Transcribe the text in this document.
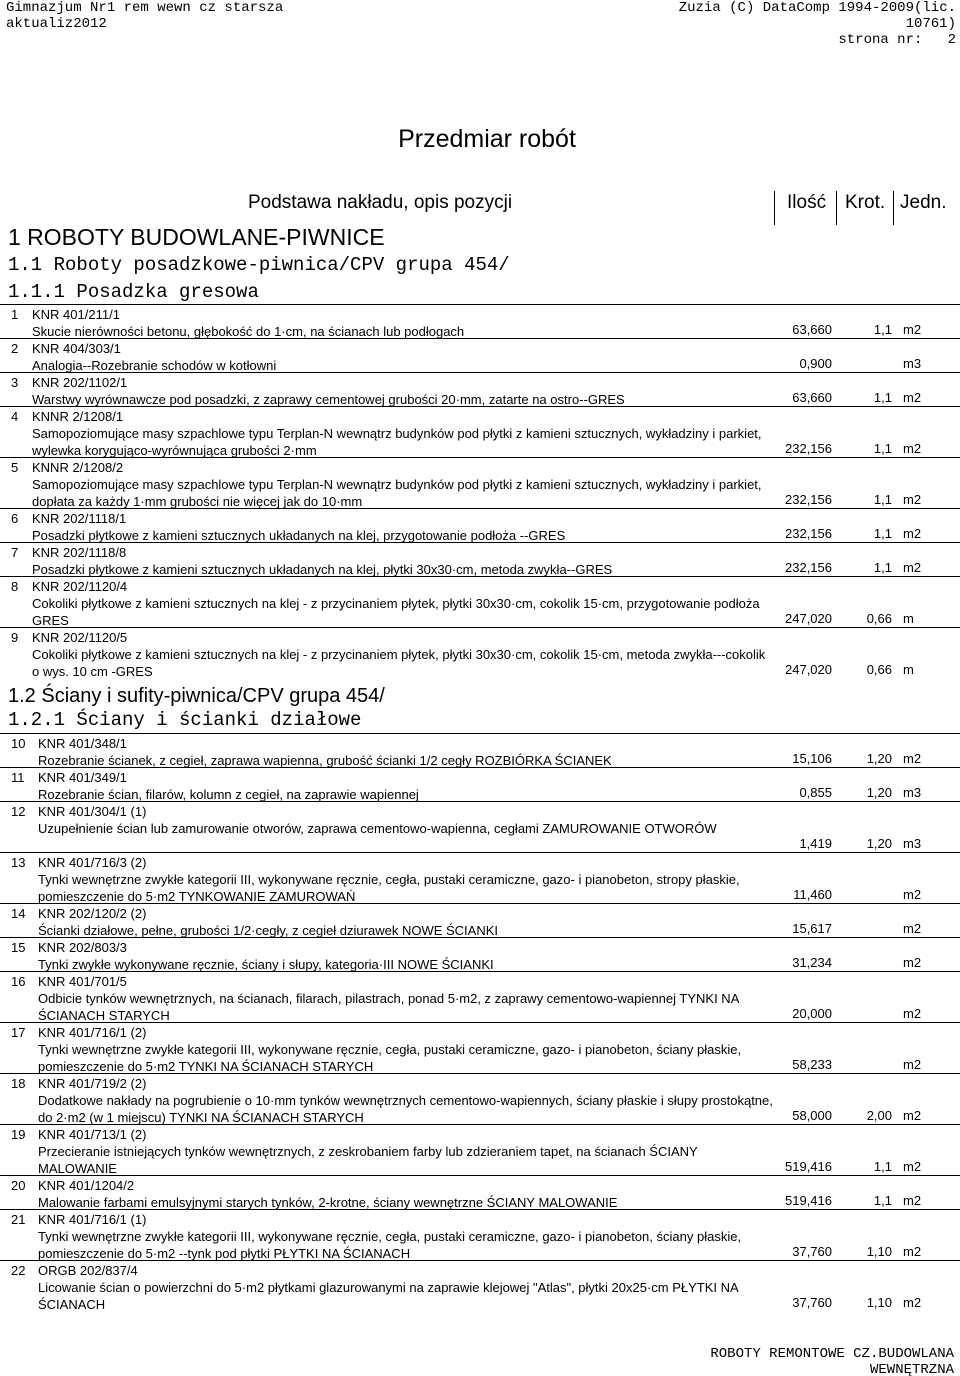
Gimnazjum Nr1 rem wewn cz starsza
aktualiz2012
Zuzia (C) DataComp 1994-2009(lic.
10761)
strona nr: 2
Przedmiar robót
Podstawa nakładu, opis pozycji	Ilość Krot. Jedn.
1 ROBOTY BUDOWLANE-PIWNICE
1.1 Roboty posadzkowe-piwnica/CPV grupa 454/
1.1.1 Posadzka gresowa
1 KNR 401/211/1
Skucie nierówności betonu, głębokość do 1·cm, na ścianach lub podłogach	63,660	1,1 m2
2 KNR 404/303/1
Analogia--Rozebranie schodów w kotłowni	0,900	m3
3 KNR 202/1102/1
Warstwy wyrównawcze pod posadzki, z zaprawy cementowej grubości 20·mm, zatarte na ostro--GRES	63,660	1,1 m2
4 KNNR 2/1208/1
Samopoziomujące masy szpachlowe typu Terplan-N wewnątrz budynków pod płytki z kamieni sztucznych, wykładziny i parkiet, wylewka korygująco-wyrównująca grubości 2·mm	232,156	1,1 m2
5 KNNR 2/1208/2
Samopoziomujące masy szpachlowe typu Terplan-N wewnątrz budynków pod płytki z kamieni sztucznych, wykładziny i parkiet, dopłata za każdy 1·mm grubości nie więcej jak do 10·mm	232,156	1,1 m2
6 KNR 202/1118/1
Posadzki płytkowe z kamieni sztucznych układanych na klej, przygotowanie podłoża --GRES	232,156	1,1 m2
7 KNR 202/1118/8
Posadzki płytkowe z kamieni sztucznych układanych na klej, płytki 30x30·cm, metoda zwykła--GRES	232,156	1,1 m2
8 KNR 202/1120/4
Cokoliki płytkowe z kamieni sztucznych na klej - z przycinaniem płytek, płytki 30x30·cm, cokolik 15·cm, przygotowanie podłoża GRES	247,020	0,66 m
9 KNR 202/1120/5
Cokoliki płytkowe z kamieni sztucznych na klej - z przycinaniem płytek, płytki 30x30·cm, cokolik 15·cm, metoda zwykła---cokolik o wys. 10 cm -GRES	247,020	0,66 m
10 KNR 401/348/1
Rozebranie ścianek, z cegieł, zaprawa wapienna, grubość ścianki 1/2 cegły ROZBIÓRKA ŚCIANEK	15,106	1,20 m2
11 KNR 401/349/1
Rozebranie ścian, filarów, kolumn z cegieł, na zaprawie wapiennej	0,855	1,20 m3
12 KNR 401/304/1 (1)
Uzupełnienie ścian lub zamurowanie otworów, zaprawa cementowo-wapienna, cegłami ZAMUROWANIE OTWORÓW
1,419	1,20 m3
13 KNR 401/716/3 (2)
Tynki wewnętrzne zwykłe kategorii III, wykonywane ręcznie, cegła, pustaki ceramiczne, gazo- i pianobeton, stropy płaskie, pomieszczenie do 5·m2 TYNKOWANIE ZAMUROWAŃ	11,460	m2
14 KNR 202/120/2 (2)
Ścianki działowe, pełne, grubości 1/2·cegły, z cegieł dziurawek NOWE ŚCIANKI	15,617	m2
15 KNR 202/803/3
Tynki zwykłe wykonywane ręcznie, ściany i słupy, kategoria·III NOWE ŚCIANKI	31,234	m2
16 KNR 401/701/5
Odbicie tynków wewnętrznych, na ścianach, filarach, pilastrach, ponad 5·m2, z zaprawy cementowo-wapiennej TYNKI NA ŚCIANACH STARYCH	20,000	m2
17 KNR 401/716/1 (2)
Tynki wewnętrzne zwykłe kategorii III, wykonywane ręcznie, cegła, pustaki ceramiczne, gazo- i pianobeton, ściany płaskie, pomieszczenie do 5·m2 TYNKI NA ŚCIANACH STARYCH	58,233	m2
18 KNR 401/719/2 (2)
Dodatkowe nakłady na pogrubienie o 10·mm tynków wewnętrznych cementowo-wapiennych, ściany płaskie i słupy prostokątne, do 2·m2 (w 1 miejscu) TYNKI NA ŚCIANACH STARYCH	58,000	2,00 m2
19 KNR 401/713/1 (2)
Przecieranie istniejących tynków wewnętrznych, z zeskrobaniem farby lub zdzieraniem tapet, na ścianach ŚCIANY MALOWANIE	519,416	1,1 m2
20 KNR 401/1204/2
Malowanie farbami emulsyjnymi starych tynków, 2-krotne, ściany wewnętrzne ŚCIANY MALOWANIE	519,416	1,1 m2
21 KNR 401/716/1 (1)
Tynki wewnętrzne zwykłe kategorii III, wykonywane ręcznie, cegła, pustaki ceramiczne, gazo- i pianobeton, ściany płaskie, pomieszczenie do 5·m2 --tynk pod płytki PŁYTKI NA ŚCIANACH	37,760	1,10 m2
22 ORGB 202/837/4
Licowanie ścian o powierzchni do 5·m2 płytkami glazurowanymi na zaprawie klejowej "Atlas", płytki 20x25·cm PŁYTKI NA ŚCIANACH	37,760	1,10 m2
1.2 Ściany i sufity-piwnica/CPV grupa 454/
1.2.1 Ściany i ścianki działowe
ROBOTY REMONTOWE CZ.BUDOWLANA
WEWNĘTRZNA
